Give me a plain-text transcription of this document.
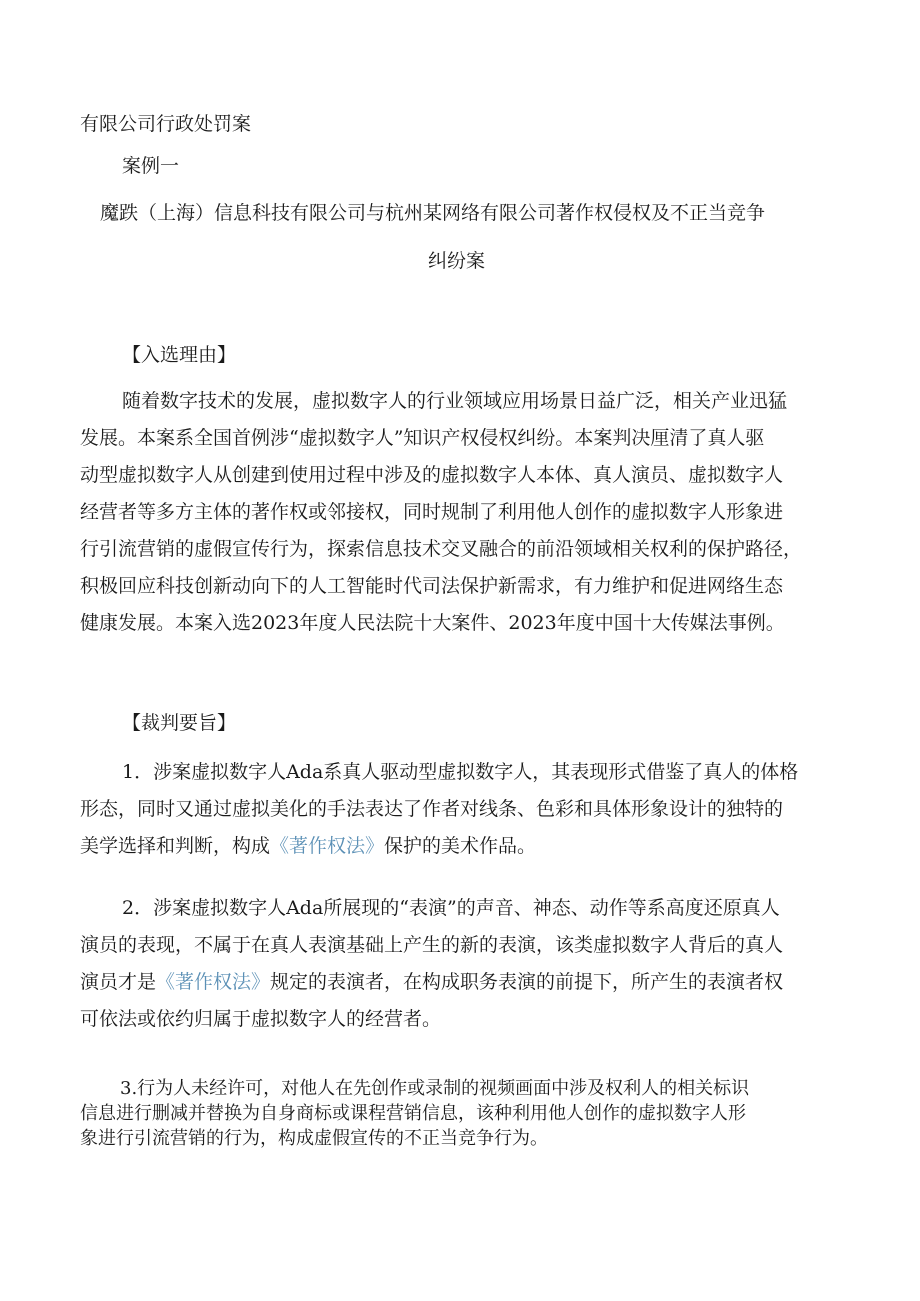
有限公司行政处罚案
案例一
魔跌（上海）信息科技有限公司与杭州某网络有限公司著作权侵权及不正当竞争
纠纷案
【入选理由】
随着数字技术的发展，虚拟数字人的行业领域应用场景日益广泛，相关产业迅猛
发展。本案系全国首例涉“虚拟数字人”知识产权侵权纠纷。本案判决厘清了真人驱
动型虚拟数字人从创建到使用过程中涉及的虚拟数字人本体、真人演员、虚拟数字人
经营者等多方主体的著作权或邻接权，同时规制了利用他人创作的虚拟数字人形象进
行引流营销的虚假宣传行为，探索信息技术交叉融合的前沿领域相关权利的保护路径，
积极回应科技创新动向下的人工智能时代司法保护新需求，有力维护和促进网络生态
健康发展。本案入选2023年度人民法院十大案件、2023年度中国十大传媒法事例。
【裁判要旨】
1．涉案虚拟数字人Ada系真人驱动型虚拟数字人，其表现形式借鉴了真人的体格
形态，同时又通过虚拟美化的手法表达了作者对线条、色彩和具体形象设计的独特的
美学选择和判断，构成《著作权法》保护的美术作品。
2．涉案虚拟数字人Ada所展现的“表演”的声音、神态、动作等系高度还原真人
演员的表现，不属于在真人表演基础上产生的新的表演，该类虚拟数字人背后的真人
演员才是《著作权法》规定的表演者，在构成职务表演的前提下，所产生的表演者权
可依法或依约归属于虚拟数字人的经营者。
3.行为人未经许可，对他人在先创作或录制的视频画面中涉及权利人的相关标识
信息进行删减并替换为自身商标或课程营销信息，该种利用他人创作的虚拟数字人形
象进行引流营销的行为，构成虚假宣传的不正当竞争行为。
